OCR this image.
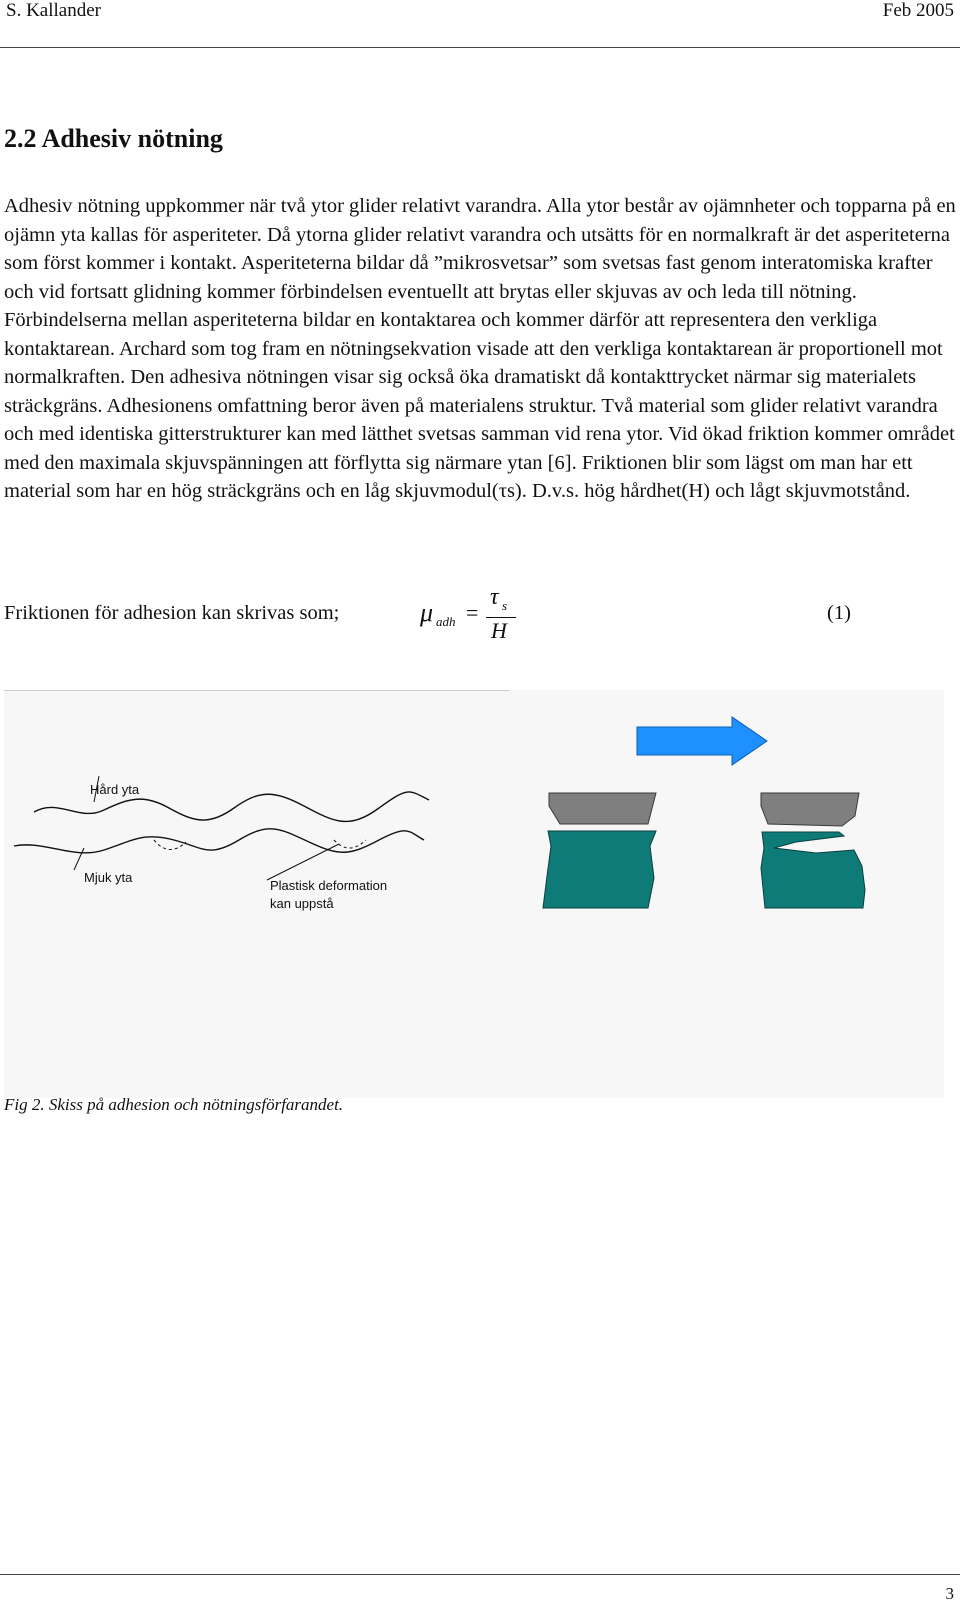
S. Kallander	Feb 2005
2.2 Adhesiv nötning

Adhesiv nötning uppkommer när två ytor glider relativt varandra. Alla ytor består av ojämnheter och topparna på en ojämn yta kallas för asperiteter. Då ytorna glider relativt varandra och utsätts för en normalkraft är det asperiteterna som först kommer i kontakt. Asperiteterna bildar då ”mikrosvetsar” som svetsas fast genom interatomiska krafter och vid fortsatt glidning kommer förbindelsen eventuellt att brytas eller skjuvas av och leda till nötning. Förbindelserna mellan asperiteterna bildar en kontaktarea och kommer därför att representera den verkliga kontaktarean. Archard som tog fram en nötningsekvation visade att den verkliga kontaktarean är proportionell mot normalkraften. Den adhesiva nötningen visar sig också öka dramatiskt då kontakttrycket närmar sig materialets sträckgräns. Adhesionens omfattning beror även på materialens struktur. Två material som glider relativt varandra och med identiska gitterstrukturer kan med lätthet svetsas samman vid rena ytor. Vid ökad friktion kommer området med den maximala skjuvspänningen att förflytta sig närmare ytan [6]. Friktionen blir som lägst om man har ett material som har en hög sträckgräns och en låg skjuvmodul(τs). D.v.s. hög hårdhet(H) och lågt skjuvmotstånd.

Friktionen för adhesion kan skrivas som;	μ adh =
τ s
H
(1)
Hård yta
Mjuk yta
Plastisk deformation
kan uppstå
Fig 2. Skiss på adhesion och nötningsförfarandet.
3
